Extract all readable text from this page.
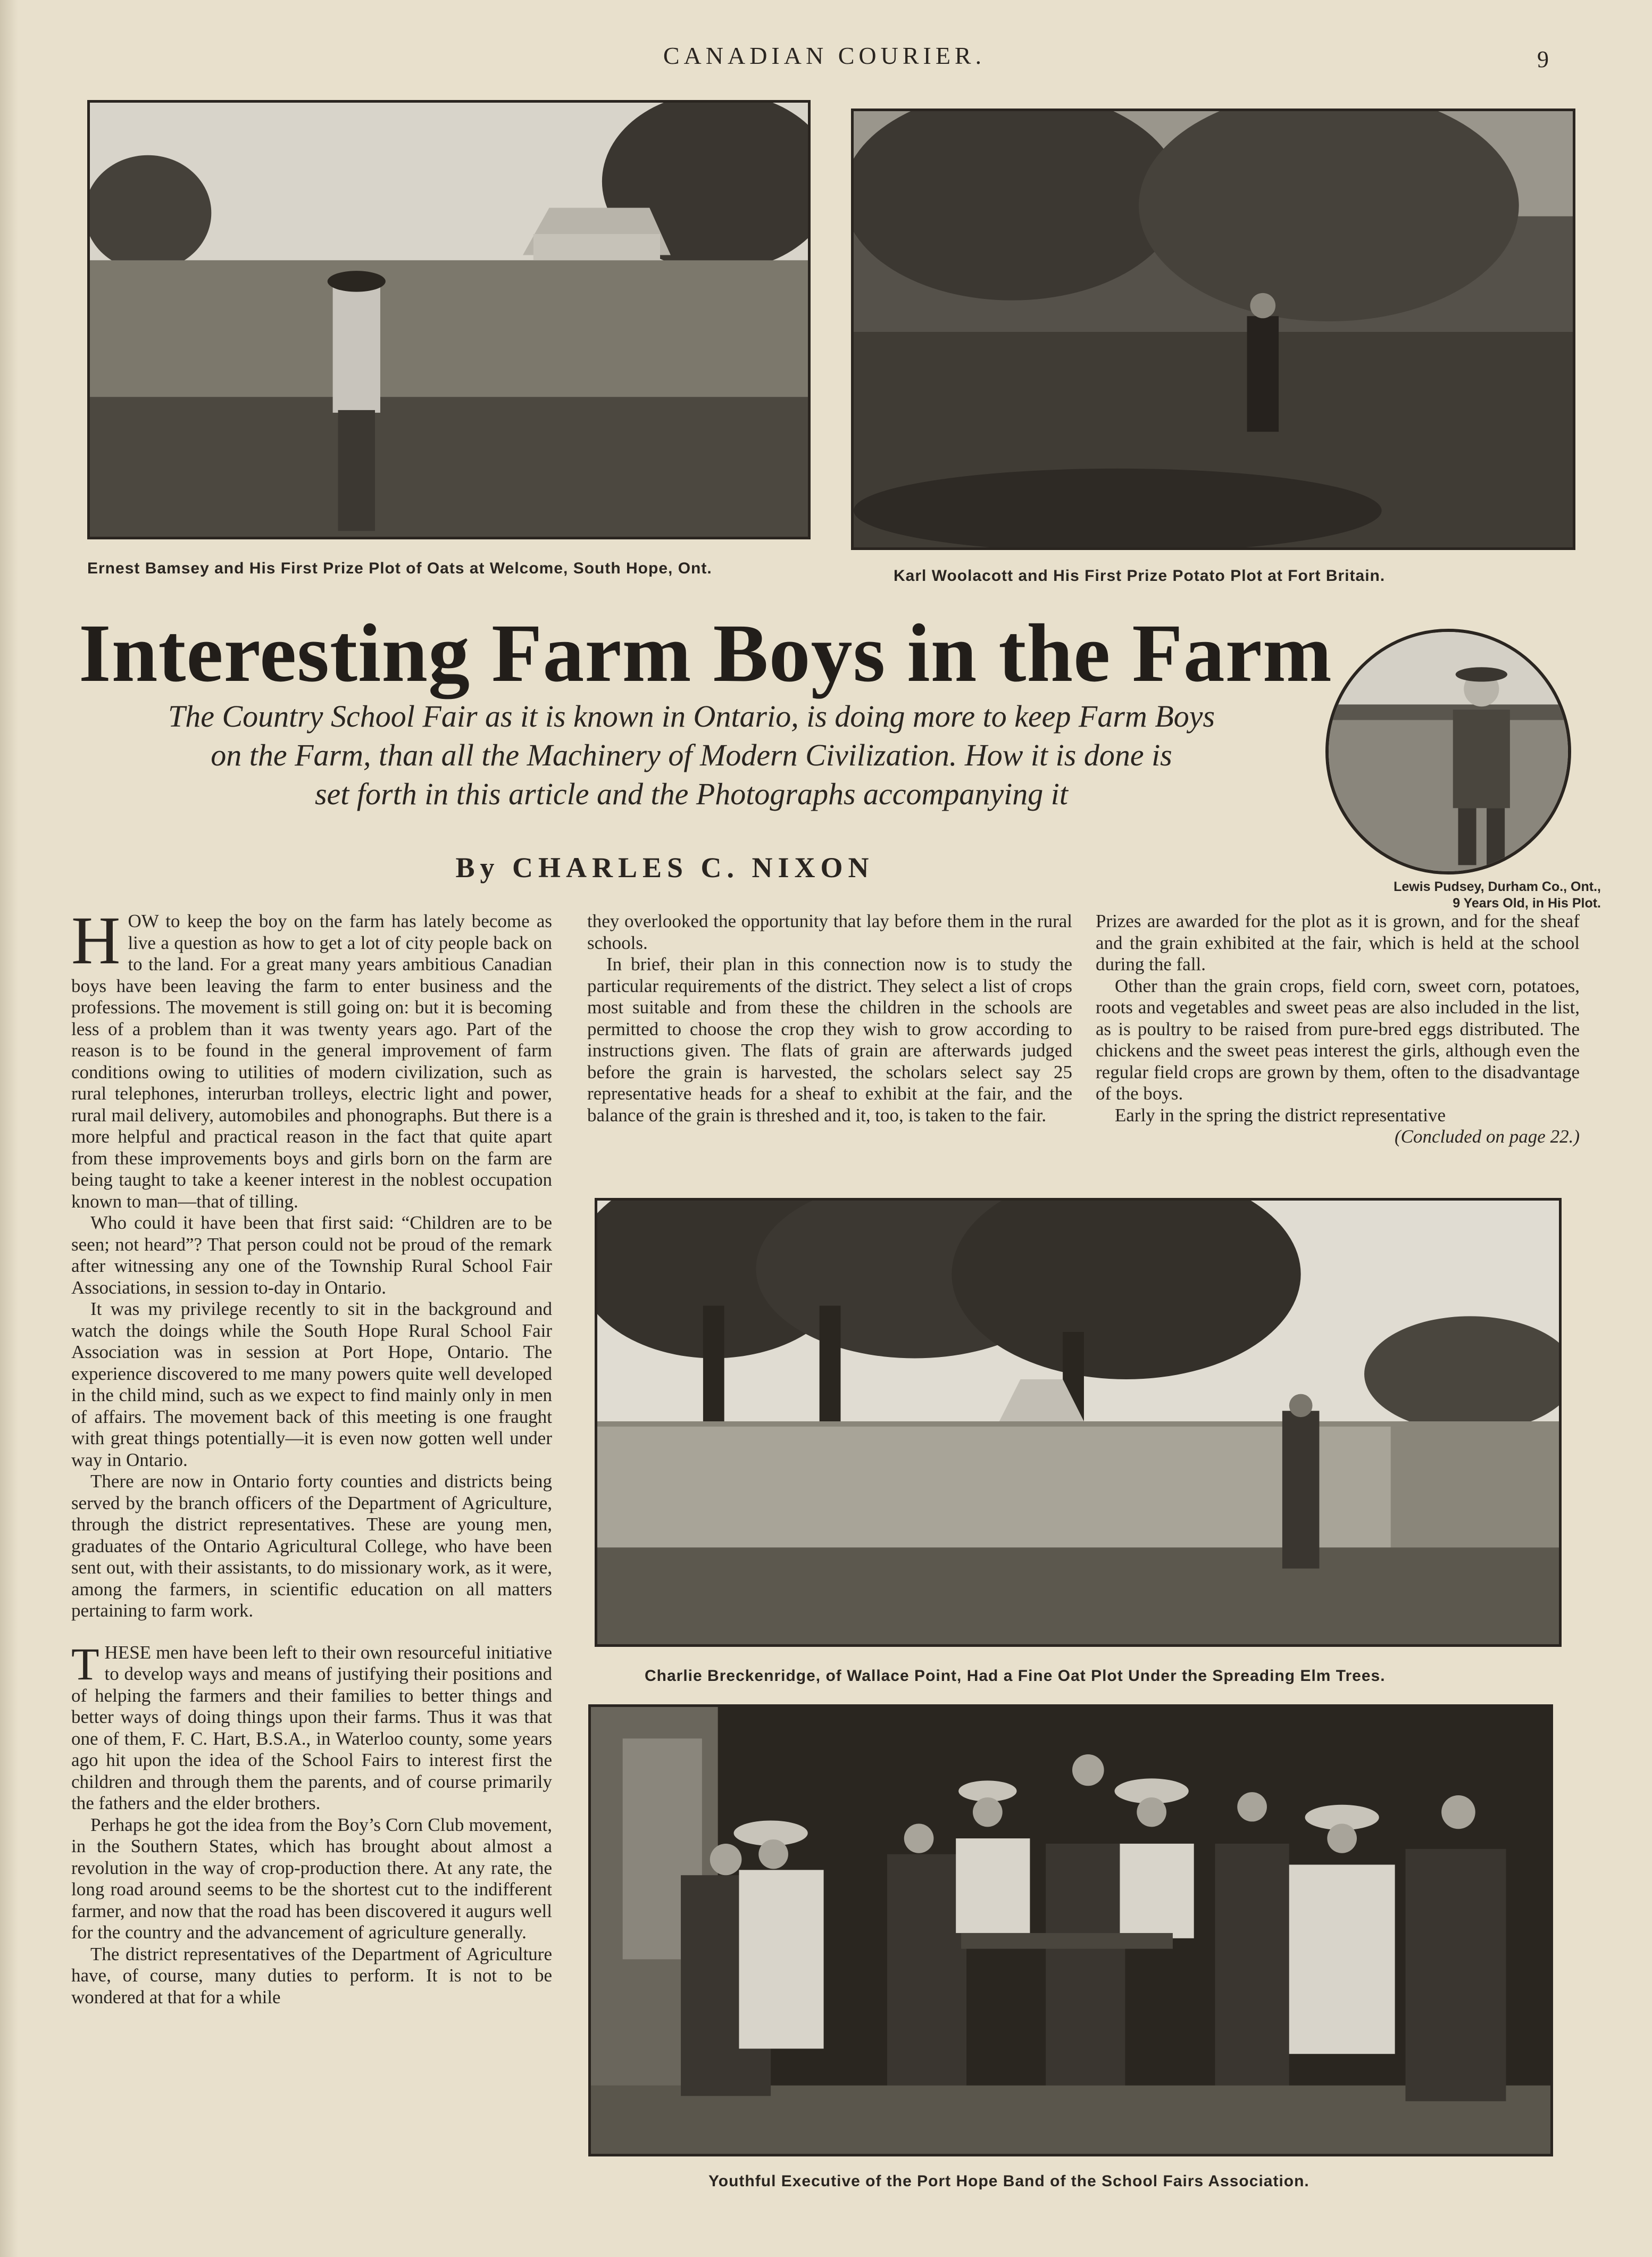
CANADIAN COURIER.	9
Ernest Bamsey and His First Prize Plot of Oats at Welcome, South Hope, Ont.	Karl Woolacott and His First Prize Potato Plot at Fort Britain.
Interesting Farm Boys in the Farm
The Country School Fair as it is known in Ontario, is doing more to keep Farm Boys
on the Farm, than all the Machinery of Modern Civilization. How it is done is
set forth in this article and the Photographs accompanying it
By CHARLES C. NIXON
Lewis Pudsey, Durham Co., Ont.,
9 Years Old, in His Plot.

HOW to keep the boy on the farm has lately become as live a question as how to get a lot of city people back on to the land. For a great many years ambitious Canadian boys have been leaving the farm to enter business and the professions. The movement is still going on: but it is becoming less of a problem than it was twenty years ago. Part of the reason is to be found in the general improvement of farm conditions owing to utilities of modern civilization, such as rural telephones, interurban trolleys, electric light and power, rural mail delivery, automobiles and phonographs. But there is a more helpful and practical reason in the fact that quite apart from these improvements boys and girls born on the farm are being taught to take a keener interest in the noblest occupation known to man—that of tilling.

Who could it have been that first said: “Children are to be seen; not heard”? That person could not be proud of the remark after witnessing any one of the Township Rural School Fair Associations, in session to-day in Ontario.

It was my privilege recently to sit in the background and watch the doings while the South Hope Rural School Fair Association was in session at Port Hope, Ontario. The experience discovered to me many powers quite well developed in the child mind, such as we expect to find mainly only in men of affairs. The movement back of this meeting is one fraught with great things potentially—it is even now gotten well under way in Ontario.

There are now in Ontario forty counties and districts being served by the branch officers of the Department of Agriculture, through the district representatives. These are young men, graduates of the Ontario Agricultural College, who have been sent out, with their assistants, to do missionary work, as it were, among the farmers, in scientific education on all matters pertaining to farm work.

THESE men have been left to their own resourceful initiative to develop ways and means of justifying their positions and of helping the farmers and their families to better things and better ways of doing things upon their farms. Thus it was that one of them, F. C. Hart, B.S.A., in Waterloo county, some years ago hit upon the idea of the School Fairs to interest first the children and through them the parents, and of course primarily the fathers and the elder brothers.

Perhaps he got the idea from the Boy’s Corn Club movement, in the Southern States, which has brought about almost a revolution in the way of crop-production there. At any rate, the long road around seems to be the shortest cut to the indifferent farmer, and now that the road has been discovered it augurs well for the country and the advancement of agriculture generally.

The district representatives of the Department of Agriculture have, of course, many duties to perform. It is not to be wondered at that for a while

they overlooked the opportunity that lay before them in the rural schools.

In brief, their plan in this connection now is to study the particular requirements of the district. They select a list of crops most suitable and from these the children in the schools are permitted to choose the crop they wish to grow according to instructions given. The flats of grain are afterwards judged before the grain is harvested, the scholars select say 25 representative heads for a sheaf to exhibit at the fair, and the balance of the grain is threshed and it, too, is taken to the fair.

Prizes are awarded for the plot as it is grown, and for the sheaf and the grain exhibited at the fair, which is held at the school during the fall.

Other than the grain crops, field corn, sweet corn, potatoes, roots and vegetables and sweet peas are also included in the list, as is poultry to be raised from pure-bred eggs distributed. The chickens and the sweet peas interest the girls, although even the regular field crops are grown by them, often to the disadvantage of the boys.

Early in the spring the district representative

(Concluded on page 22.)

Charlie Breckenridge, of Wallace Point, Had a Fine Oat Plot Under the Spreading Elm Trees.
Youthful Executive of the Port Hope Band of the School Fairs Association.
